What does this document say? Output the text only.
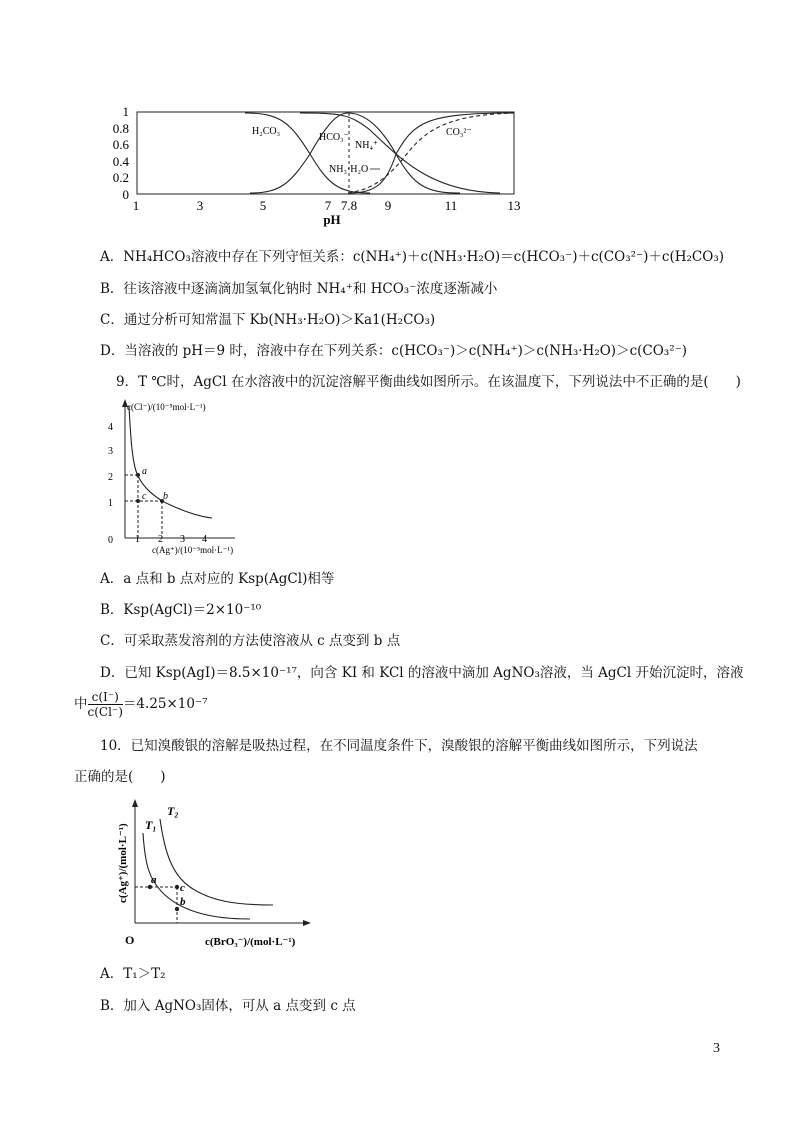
1
0.8
0.6
0.4
0.2
0
1	3	5	7 7.8 9	11	13
pH
H₂CO₃
HCO₃⁻
NH₄⁺
NH₃·H₂O
CO₃²⁻
A．NH₄HCO₃溶液中存在下列守恒关系：c(NH₄⁺)＋c(NH₃·H₂O)＝c(HCO₃⁻)＋c(CO₃²⁻)＋c(H₂CO₃)
B．往该溶液中逐滴滴加氢氧化钠时 NH₄⁺和 HCO₃⁻浓度逐渐减小
C．通过分析可知常温下 Kb(NH₃·H₂O)＞Ka1(H₂CO₃)
D．当溶液的 pH＝9 时，溶液中存在下列关系：c(HCO₃⁻)＞c(NH₄⁺)＞c(NH₃·H₂O)＞c(CO₃²⁻)
9．T ℃时，AgCl 在水溶液中的沉淀溶解平衡曲线如图所示。在该温度下，下列说法中不正确的是(　　)
c(Cl⁻)/(10⁻⁵mol·L⁻¹)
c(Ag⁺)/(10⁻⁵mol·L⁻¹)
0
4
3
2
1
1 2 3 4
a
c b
A．a 点和 b 点对应的 Ksp(AgCl)相等
B．Ksp(AgCl)＝2×10⁻¹⁰
C．可采取蒸发溶剂的方法使溶液从 c 点变到 b 点
D．已知 Ksp(AgI)＝8.5×10⁻¹⁷，向含 KI 和 KCl 的溶液中滴加 AgNO₃溶液，当 AgCl 开始沉淀时，溶液
中 $\frac{c(I^-)}{c(Cl^-)} =4.25\times 10^{-7}$
10．已知溴酸银的溶解是吸热过程，在不同温度条件下，溴酸银的溶解平衡曲线如图所示，下列说法
正确的是(　　)
c(Ag⁺)/(mol·L⁻¹)
c(BrO₃⁻)/(mol·L⁻¹)
O
T₁
T₂
a
c
b
A．T₁＞T₂
B．加入 AgNO₃固体，可从 a 点变到 c 点
3
